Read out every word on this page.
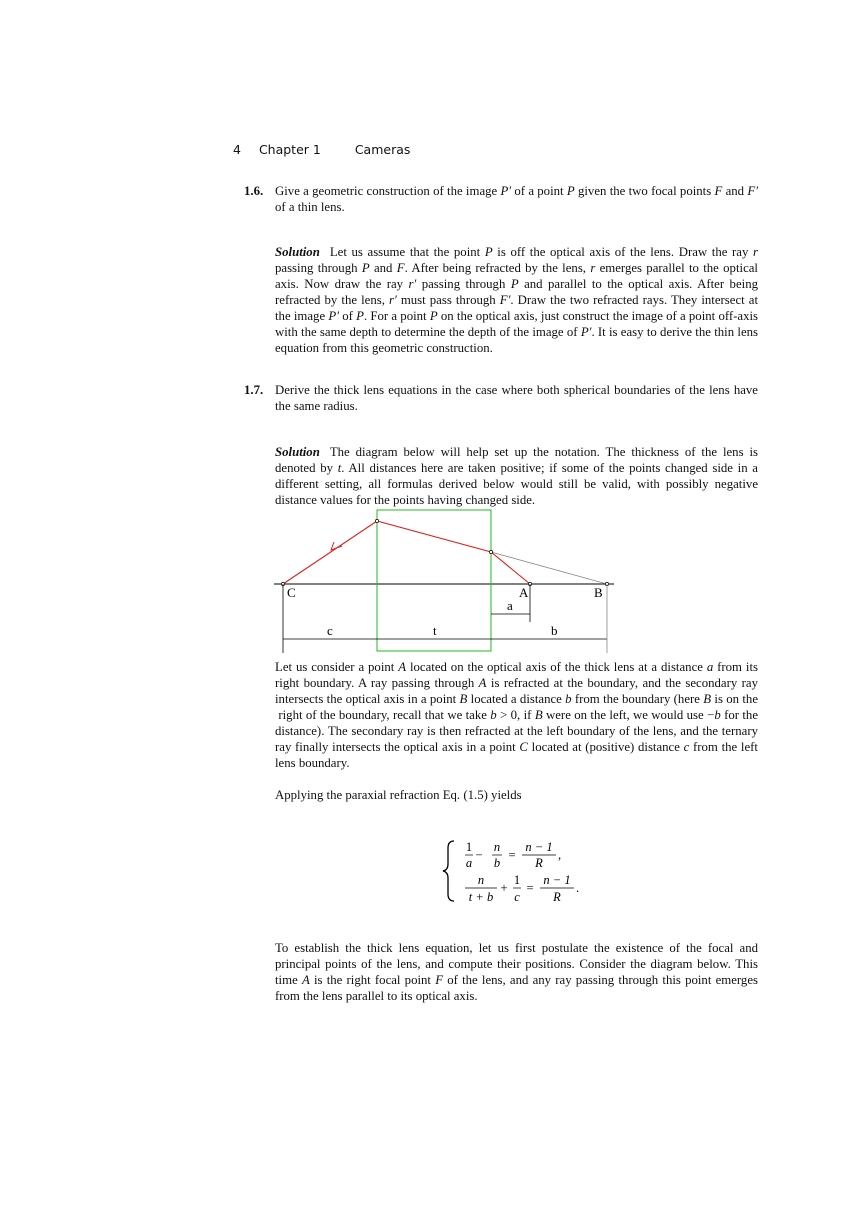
4 Chapter 1	Cameras
1.6. Give a geometric construction of the image P′ of a point P given the two focal points F and F′ of a thin lens.
Solution Let us assume that the point P is off the optical axis of the lens. Draw the ray r passing through P and F. After being refracted by the lens, r emerges parallel to the optical axis. Now draw the ray r′ passing through P and parallel to the optical axis. After being refracted by the lens, r′ must pass through F′. Draw the two refracted rays. They intersect at the image P′ of P. For a point P on the optical axis, just construct the image of a point off-axis with the same depth to determine the depth of the image of P′. It is easy to derive the thin lens equation from this geometric construction.
1.7. Derive the thick lens equations in the case where both spherical boundaries of the lens have the same radius.
Solution The diagram below will help set up the notation. The thickness of the lens is denoted by t. All distances here are taken positive; if some of the points changed side in a different setting, all formulas derived below would still be valid, with possibly negative distance values for the points having changed side.
C	A	B
a
c	t	b
Let us consider a point A located on the optical axis of the thick lens at a distance a from its right boundary. A ray passing through A is refracted at the boundary, and the secondary ray intersects the optical axis in a point B located a distance b from the boundary (here B is on the  right of the boundary, recall that we take b > 0, if B were on the left, we would use −b for the distance). The secondary ray is then refracted at the left boundary of the lens, and the ternary ray finally intersects the optical axis in a point C located at (positive) distance c from the left lens boundary.
Applying the paraxial refraction Eq. (1.5) yields
1
a
−
n
b
=
n − 1
R
,
n
t + b
+
1
c
=
n − 1
R
.
To establish the thick lens equation, let us first postulate the existence of the focal and principal points of the lens, and compute their positions. Consider the diagram below. This time A is the right focal point F of the lens, and any ray passing through this point emerges from the lens parallel to its optical axis.
